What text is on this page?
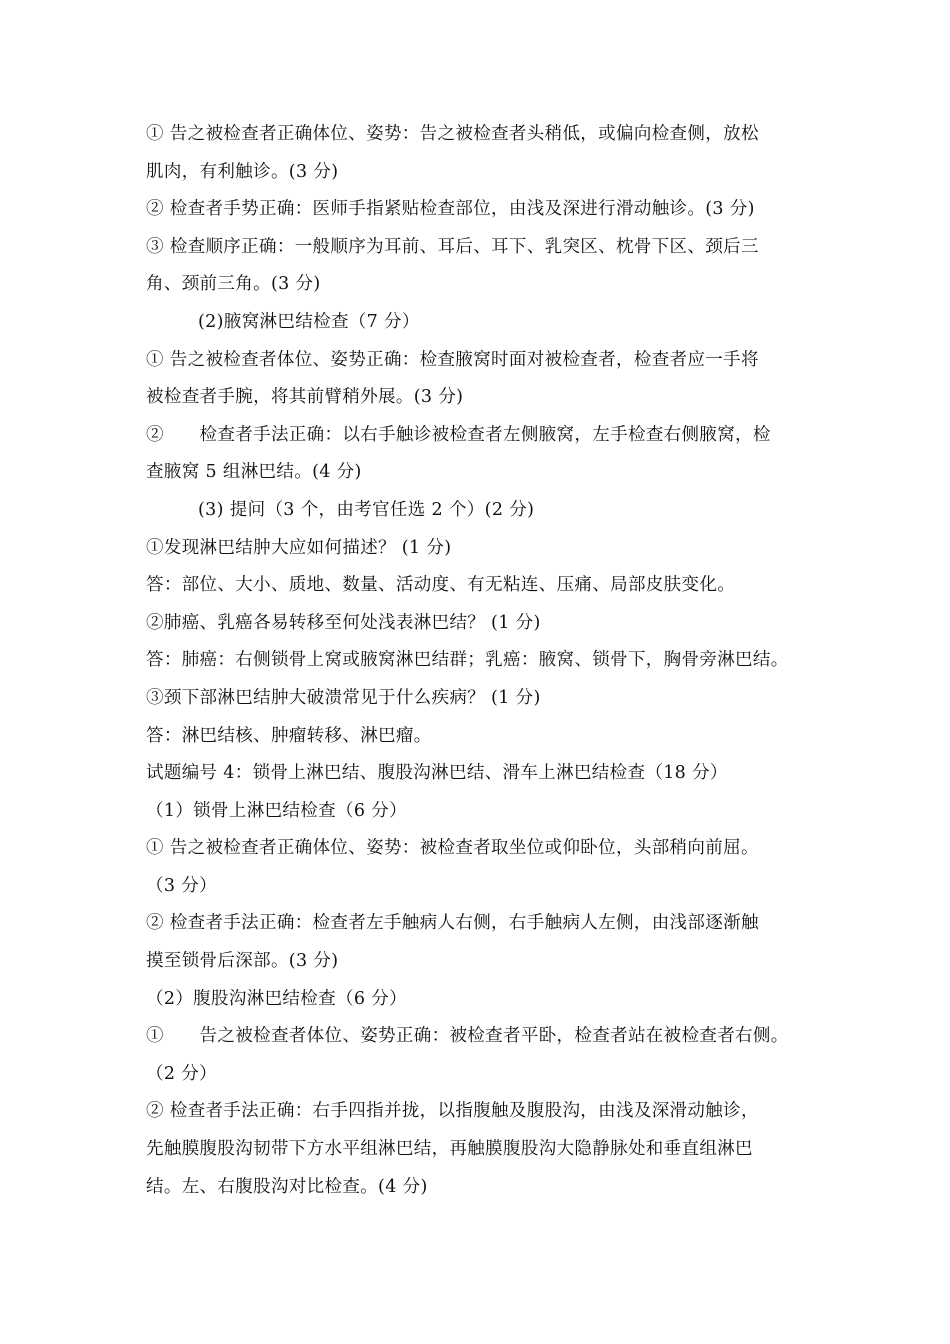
① 告之被检查者正确体位、姿势：告之被检查者头稍低，或偏向检查侧，放松
肌肉，有利触诊。(3 分)
② 检查者手势正确：医师手指紧贴检查部位，由浅及深进行滑动触诊。(3 分)
③ 检查顺序正确：一般顺序为耳前、耳后、耳下、乳突区、枕骨下区、颈后三
角、颈前三角。(3 分)
(2)腋窝淋巴结检查（7 分）
① 告之被检查者体位、姿势正确：检查腋窝时面对被检查者，检查者应一手将
被检查者手腕，将其前臂稍外展。(3 分)
②　　检查者手法正确：以右手触诊被检查者左侧腋窝，左手检查右侧腋窝，检
查腋窝 5 组淋巴结。(4 分)
(3) 提问（3 个，由考官任选 2 个）(2 分)
①发现淋巴结肿大应如何描述？ (1 分)
答：部位、大小、质地、数量、活动度、有无粘连、压痛、局部皮肤变化。
②肺癌、乳癌各易转移至何处浅表淋巴结？ (1 分)
答：肺癌：右侧锁骨上窝或腋窝淋巴结群；乳癌：腋窝、锁骨下，胸骨旁淋巴结。
③颈下部淋巴结肿大破溃常见于什么疾病？ (1 分)
答：淋巴结核、肿瘤转移、淋巴瘤。
试题编号 4：锁骨上淋巴结、腹股沟淋巴结、滑车上淋巴结检查（18 分）
（1）锁骨上淋巴结检查（6 分）
① 告之被检查者正确体位、姿势：被检查者取坐位或仰卧位，头部稍向前屈。
（3 分）
② 检查者手法正确：检查者左手触病人右侧，右手触病人左侧，由浅部逐渐触
摸至锁骨后深部。(3 分)
（2）腹股沟淋巴结检查（6 分）
①　　告之被检查者体位、姿势正确：被检查者平卧，检查者站在被检查者右侧。
（2 分）
② 检查者手法正确：右手四指并拢，以指腹触及腹股沟，由浅及深滑动触诊，
先触膜腹股沟韧带下方水平组淋巴结，再触膜腹股沟大隐静脉处和垂直组淋巴
结。左、右腹股沟对比检查。(4 分)
